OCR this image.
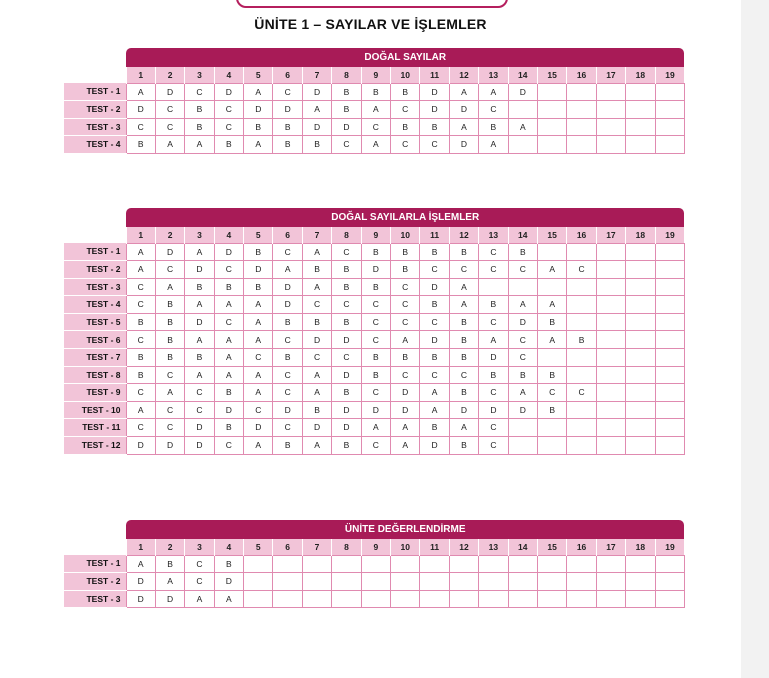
ÜNİTE 1 – SAYILAR VE İŞLEMLER
	DOĞAL SAYILAR																		
	1	2	3	4	5	6	7	8	9	10	11	12	13	14	15	16	17	18	19
TEST - 1	A	D	C	D	A	C	D	B	B	B	D	A	A	D					
TEST - 2	D	C	B	C	D	D	A	B	A	C	D	D	C						
TEST - 3	C	C	B	C	B	B	D	D	C	B	B	A	B	A					
TEST - 4	B	A	A	B	A	B	B	C	A	C	C	D	A						
	DOĞAL SAYILARLA İŞLEMLER																		
	1	2	3	4	5	6	7	8	9	10	11	12	13	14	15	16	17	18	19
TEST - 1	A	D	A	D	B	C	A	C	B	B	B	B	C	B					
TEST - 2	A	C	D	C	D	A	B	B	D	B	C	C	C	C	A	C			
TEST - 3	C	A	B	B	B	D	A	B	B	C	D	A							
TEST - 4	C	B	A	A	A	D	C	C	C	C	B	A	B	A	A				
TEST - 5	B	B	D	C	A	B	B	B	C	C	C	B	C	D	B				
TEST - 6	C	B	A	A	A	C	D	D	C	A	D	B	A	C	A	B			
TEST - 7	B	B	B	A	C	B	C	C	B	B	B	B	D	C					
TEST - 8	B	C	A	A	A	C	A	D	B	C	C	C	B	B	B				
TEST - 9	C	A	C	B	A	C	A	B	C	D	A	B	C	A	C	C			
TEST - 10	A	C	C	D	C	D	B	D	D	D	A	D	D	D	B				
TEST - 11	C	C	D	B	D	C	D	D	A	A	B	A	C						
TEST - 12	D	D	D	C	A	B	A	B	C	A	D	B	C						
	ÜNİTE DEĞERLENDİRME																		
	1	2	3	4	5	6	7	8	9	10	11	12	13	14	15	16	17	18	19
TEST - 1	A	B	C	B															
TEST - 2	D	A	C	D															
TEST - 3	D	D	A	A															
